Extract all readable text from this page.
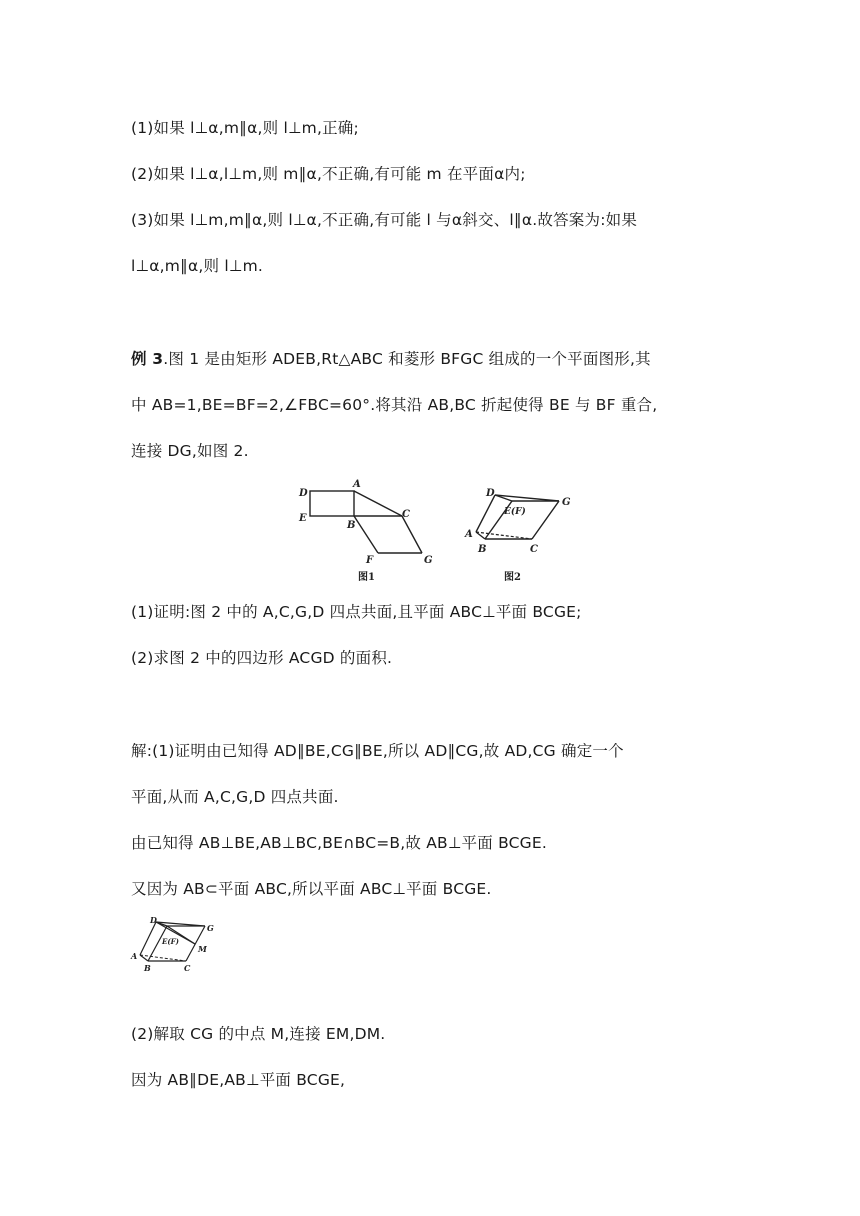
(1)如果 l⊥α,m∥α,则 l⊥m,正确;
(2)如果 l⊥α,l⊥m,则 m∥α,不正确,有可能 m 在平面α内;
(3)如果 l⊥m,m∥α,则 l⊥α,不正确,有可能 l 与α斜交、l∥α.故答案为:如果
l⊥α,m∥α,则 l⊥m.
例 3.图 1 是由矩形 ADEB,Rt△ABC 和菱形 BFGC 组成的一个平面图形,其
中 AB=1,BE=BF=2,∠FBC=60°.将其沿 AB,BC 折起使得 BE 与 BF 重合,
连接 DG,如图 2.
D
A
E
B
C
F	G
图1
D
G
E(F)
A
B	C
图2
(1)证明:图 2 中的 A,C,G,D 四点共面,且平面 ABC⊥平面 BCGE;
(2)求图 2 中的四边形 ACGD 的面积.
解:(1)证明由已知得 AD∥BE,CG∥BE,所以 AD∥CG,故 AD,CG 确定一个
平面,从而 A,C,G,D 四点共面.
由已知得 AB⊥BE,AB⊥BC,BE∩BC=B,故 AB⊥平面 BCGE.
又因为 AB⊂平面 ABC,所以平面 ABC⊥平面 BCGE.
D
G
E(F)
M
A
B	C
(2)解取 CG 的中点 M,连接 EM,DM.
因为 AB∥DE,AB⊥平面 BCGE,
